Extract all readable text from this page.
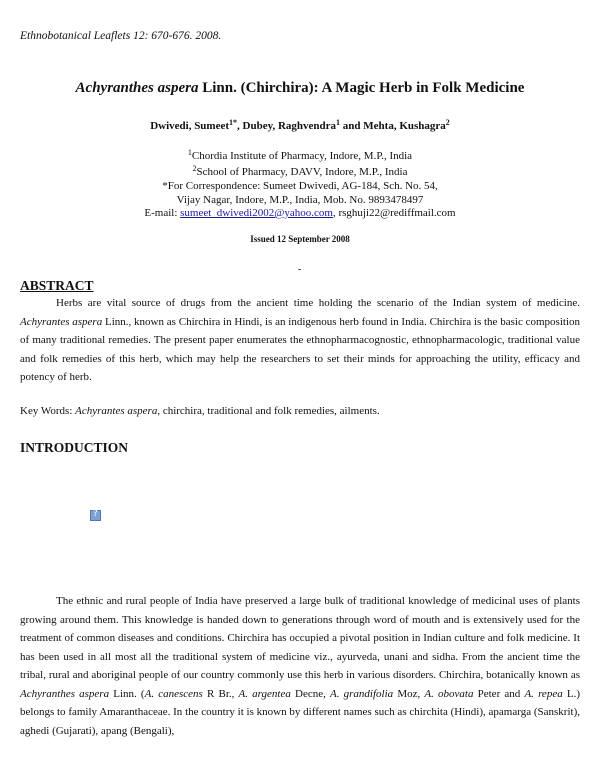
Ethnobotanical Leaflets 12: 670-676. 2008.
Achyranthes aspera Linn. (Chirchira): A Magic Herb in Folk Medicine
Dwivedi, Sumeet$^{1*}$, Dubey, Raghvendra$^1$ and Mehta, Kushagra$^2$
$^1$Chordia Institute of Pharmacy, Indore, M.P., India
$^2$School of Pharmacy, DAVV, Indore, M.P., India
*For Correspondence: Sumeet Dwivedi, AG-184, Sch. No. 54,
Vijay Nagar, Indore, M.P., India, Mob. No. 9893478497
E-mail: sumeet_dwivedi2002@yahoo.com, rsghuji22@rediffmail.com
Issued 12 September 2008
-
ABSTRACT
Herbs are vital source of drugs from the ancient time holding the scenario of the Indian system of medicine. Achyrantes aspera Linn., known as Chirchira in Hindi, is an indigenous herb found in India. Chirchira is the basic composition of many traditional remedies. The present paper enumerates the ethnopharmacognostic, ethnopharmacologic, traditional value and folk remedies of this herb, which may help the researchers to set their minds for approaching the utility, efficacy and potency of herb.
Key Words: Achyrantes aspera, chirchira, traditional and folk remedies, ailments.
INTRODUCTION
?
The ethnic and rural people of India have preserved a large bulk of traditional knowledge of medicinal uses of plants growing around them. This knowledge is handed down to generations through word of mouth and is extensively used for the treatment of common diseases and conditions. Chirchira has occupied a pivotal position in Indian culture and folk medicine. It has been used in all most all the traditional system of medicine viz., ayurveda, unani and sidha. From the ancient time the tribal, rural and aboriginal people of our country commonly use this herb in various disorders. Chirchira, botanically known as Achyranthes aspera Linn. (A. canescens R Br., A. argentea Decne, A. grandifolia Moz, A. obovata Peter and A. repea L.) belongs to family Amaranthaceae. In the country it is known by different names such as chirchita (Hindi), apamarga (Sanskrit), aghedi (Gujarati), apang (Bengali),
